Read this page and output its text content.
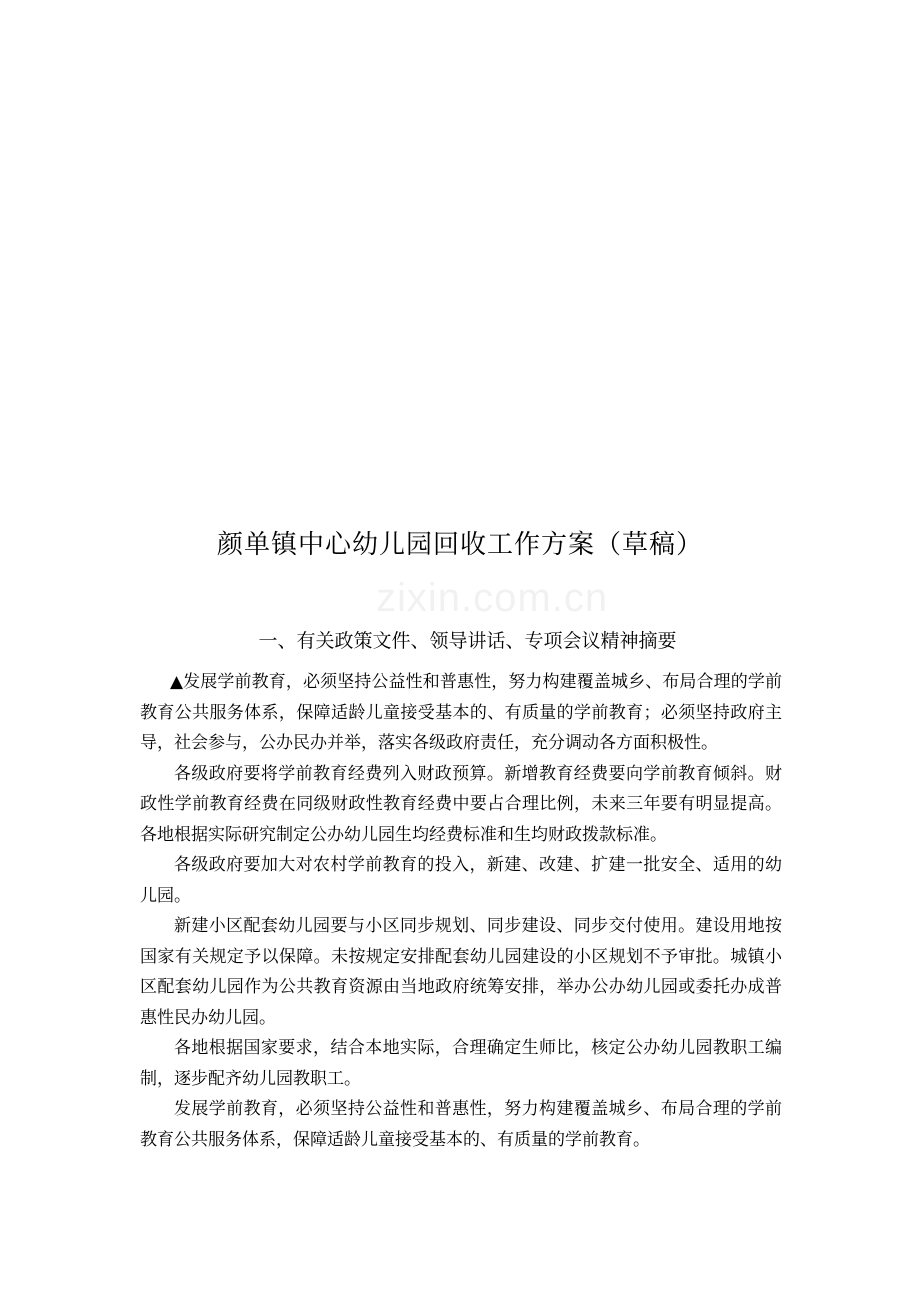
zixin.com.cn
颜单镇中心幼儿园回收工作方案（草稿）
一、有关政策文件、领导讲话、专项会议精神摘要

▲发展学前教育，必须坚持公益性和普惠性，努力构建覆盖城乡、布局合理的学前教育公共服务体系，保障适龄儿童接受基本的、有质量的学前教育；必须坚持政府主导，社会参与，公办民办并举，落实各级政府责任，充分调动各方面积极性。

各级政府要将学前教育经费列入财政预算。新增教育经费要向学前教育倾斜。财政性学前教育经费在同级财政性教育经费中要占合理比例，未来三年要有明显提高。各地根据实际研究制定公办幼儿园生均经费标准和生均财政拨款标准。

各级政府要加大对农村学前教育的投入，新建、改建、扩建一批安全、适用的幼儿园。

新建小区配套幼儿园要与小区同步规划、同步建设、同步交付使用。建设用地按国家有关规定予以保障。未按规定安排配套幼儿园建设的小区规划不予审批。城镇小区配套幼儿园作为公共教育资源由当地政府统筹安排，举办公办幼儿园或委托办成普惠性民办幼儿园。

各地根据国家要求，结合本地实际，合理确定生师比，核定公办幼儿园教职工编制，逐步配齐幼儿园教职工。

发展学前教育，必须坚持公益性和普惠性，努力构建覆盖城乡、布局合理的学前教育公共服务体系，保障适龄儿童接受基本的、有质量的学前教育。
